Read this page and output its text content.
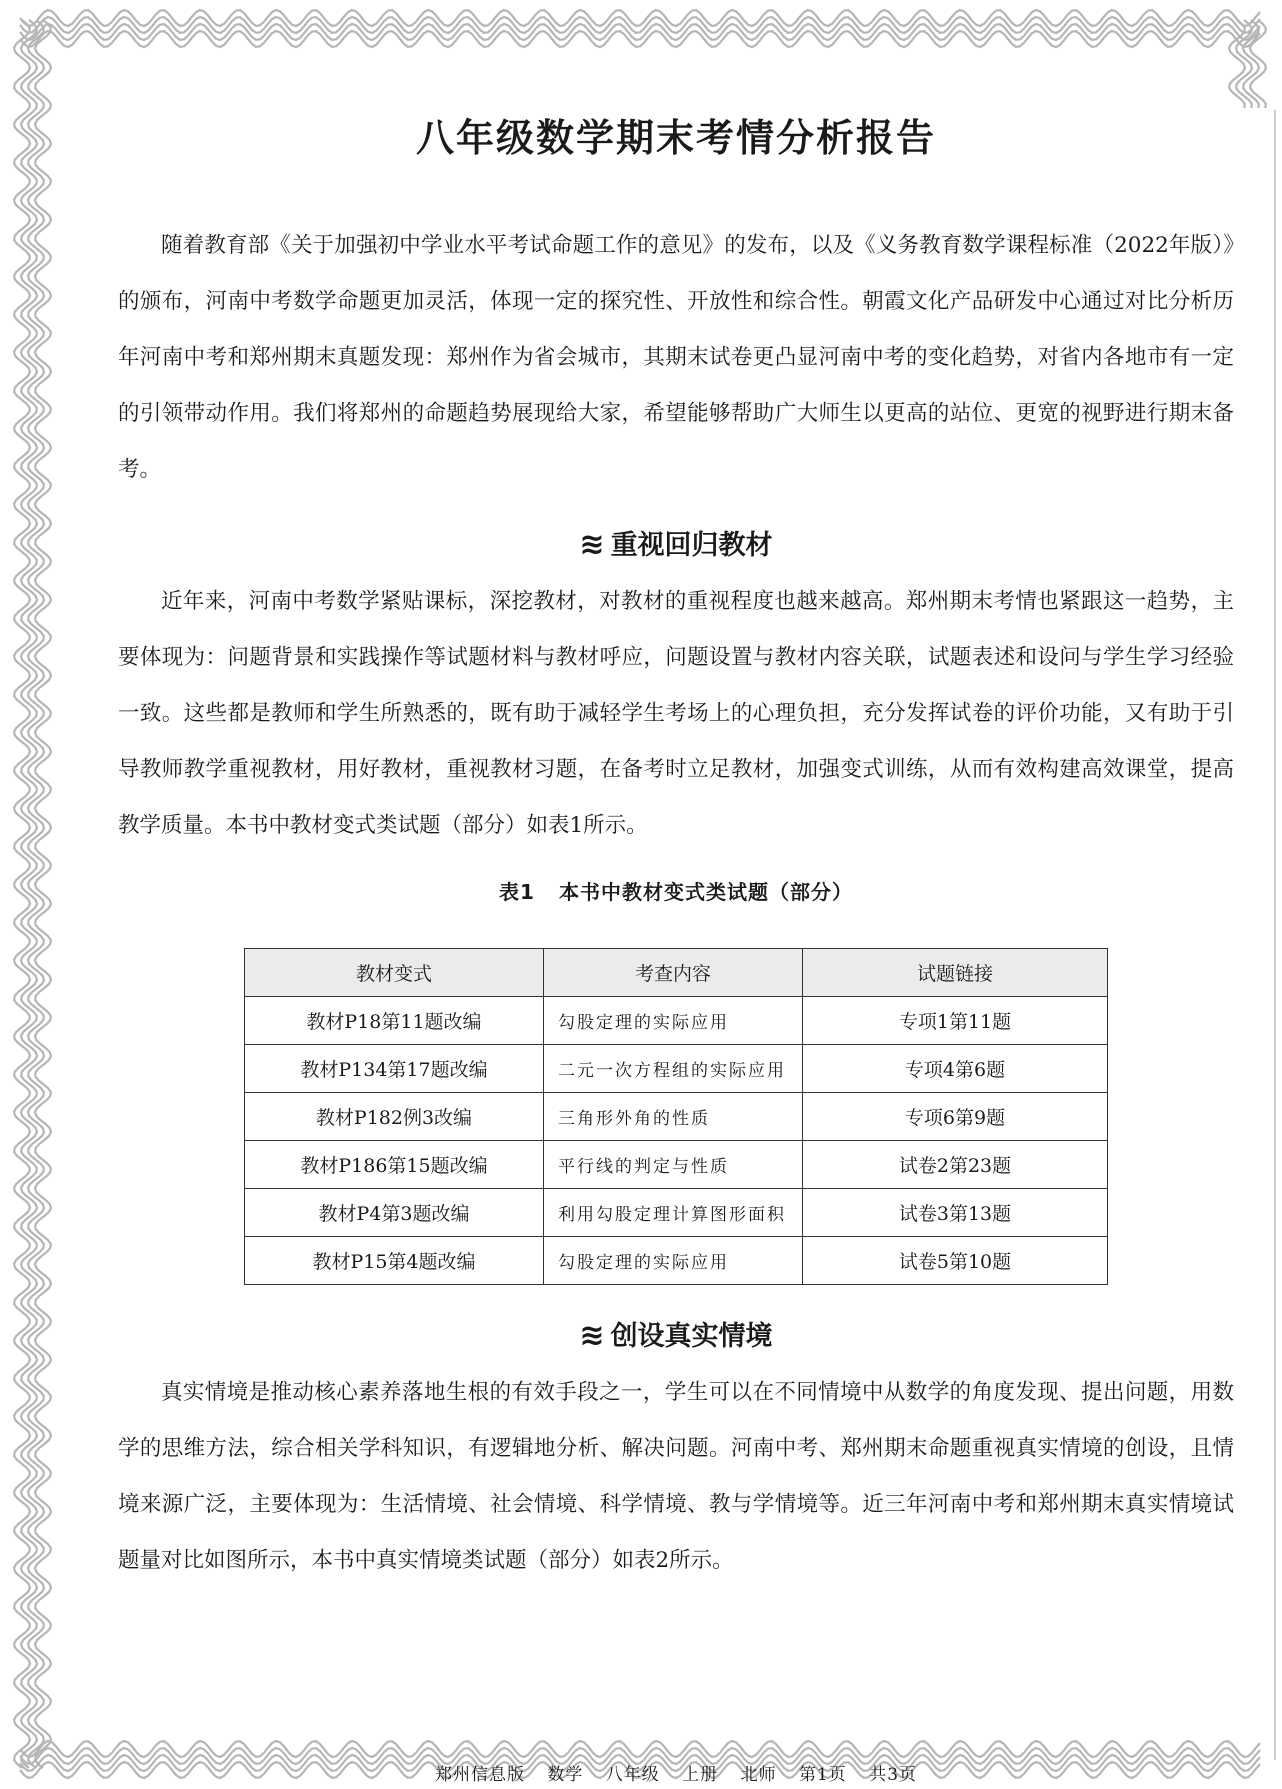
八年级数学期末考情分析报告

随着教育部《关于加强初中学业水平考试命题工作的意见》的发布，以及《义务教育数学课程标准（2022年版）》的颁布，河南中考数学命题更加灵活，体现一定的探究性、开放性和综合性。朝霞文化产品研发中心通过对比分析历年河南中考和郑州期末真题发现：郑州作为省会城市，其期末试卷更凸显河南中考的变化趋势，对省内各地市有一定的引领带动作用。我们将郑州的命题趋势展现给大家，希望能够帮助广大师生以更高的站位、更宽的视野进行期末备考。

≋ 重视回归教材

近年来，河南中考数学紧贴课标，深挖教材，对教材的重视程度也越来越高。郑州期末考情也紧跟这一趋势，主要体现为：问题背景和实践操作等试题材料与教材呼应，问题设置与教材内容关联，试题表述和设问与学生学习经验一致。这些都是教师和学生所熟悉的，既有助于减轻学生考场上的心理负担，充分发挥试卷的评价功能，又有助于引导教师教学重视教材，用好教材，重视教材习题，在备考时立足教材，加强变式训练，从而有效构建高效课堂，提高教学质量。本书中教材变式类试题（部分）如表1所示。

表1 本书中教材变式类试题（部分）
教材变式	考查内容	试题链接
教材P18第11题改编	勾股定理的实际应用	专项1第11题
教材P134第17题改编	二元一次方程组的实际应用	专项4第6题
教材P182例3改编	三角形外角的性质	专项6第9题
教材P186第15题改编	平行线的判定与性质	试卷2第23题
教材P4第3题改编	利用勾股定理计算图形面积	试卷3第13题
教材P15第4题改编	勾股定理的实际应用	试卷5第10题
≋ 创设真实情境

真实情境是推动核心素养落地生根的有效手段之一，学生可以在不同情境中从数学的角度发现、提出问题，用数学的思维方法，综合相关学科知识，有逻辑地分析、解决问题。河南中考、郑州期末命题重视真实情境的创设，且情境来源广泛，主要体现为：生活情境、社会情境、科学情境、教与学情境等。近三年河南中考和郑州期末真实情境试题量对比如图所示，本书中真实情境类试题（部分）如表2所示。

郑州信息版 数学 八年级 上册 北师 第1页 共3页
